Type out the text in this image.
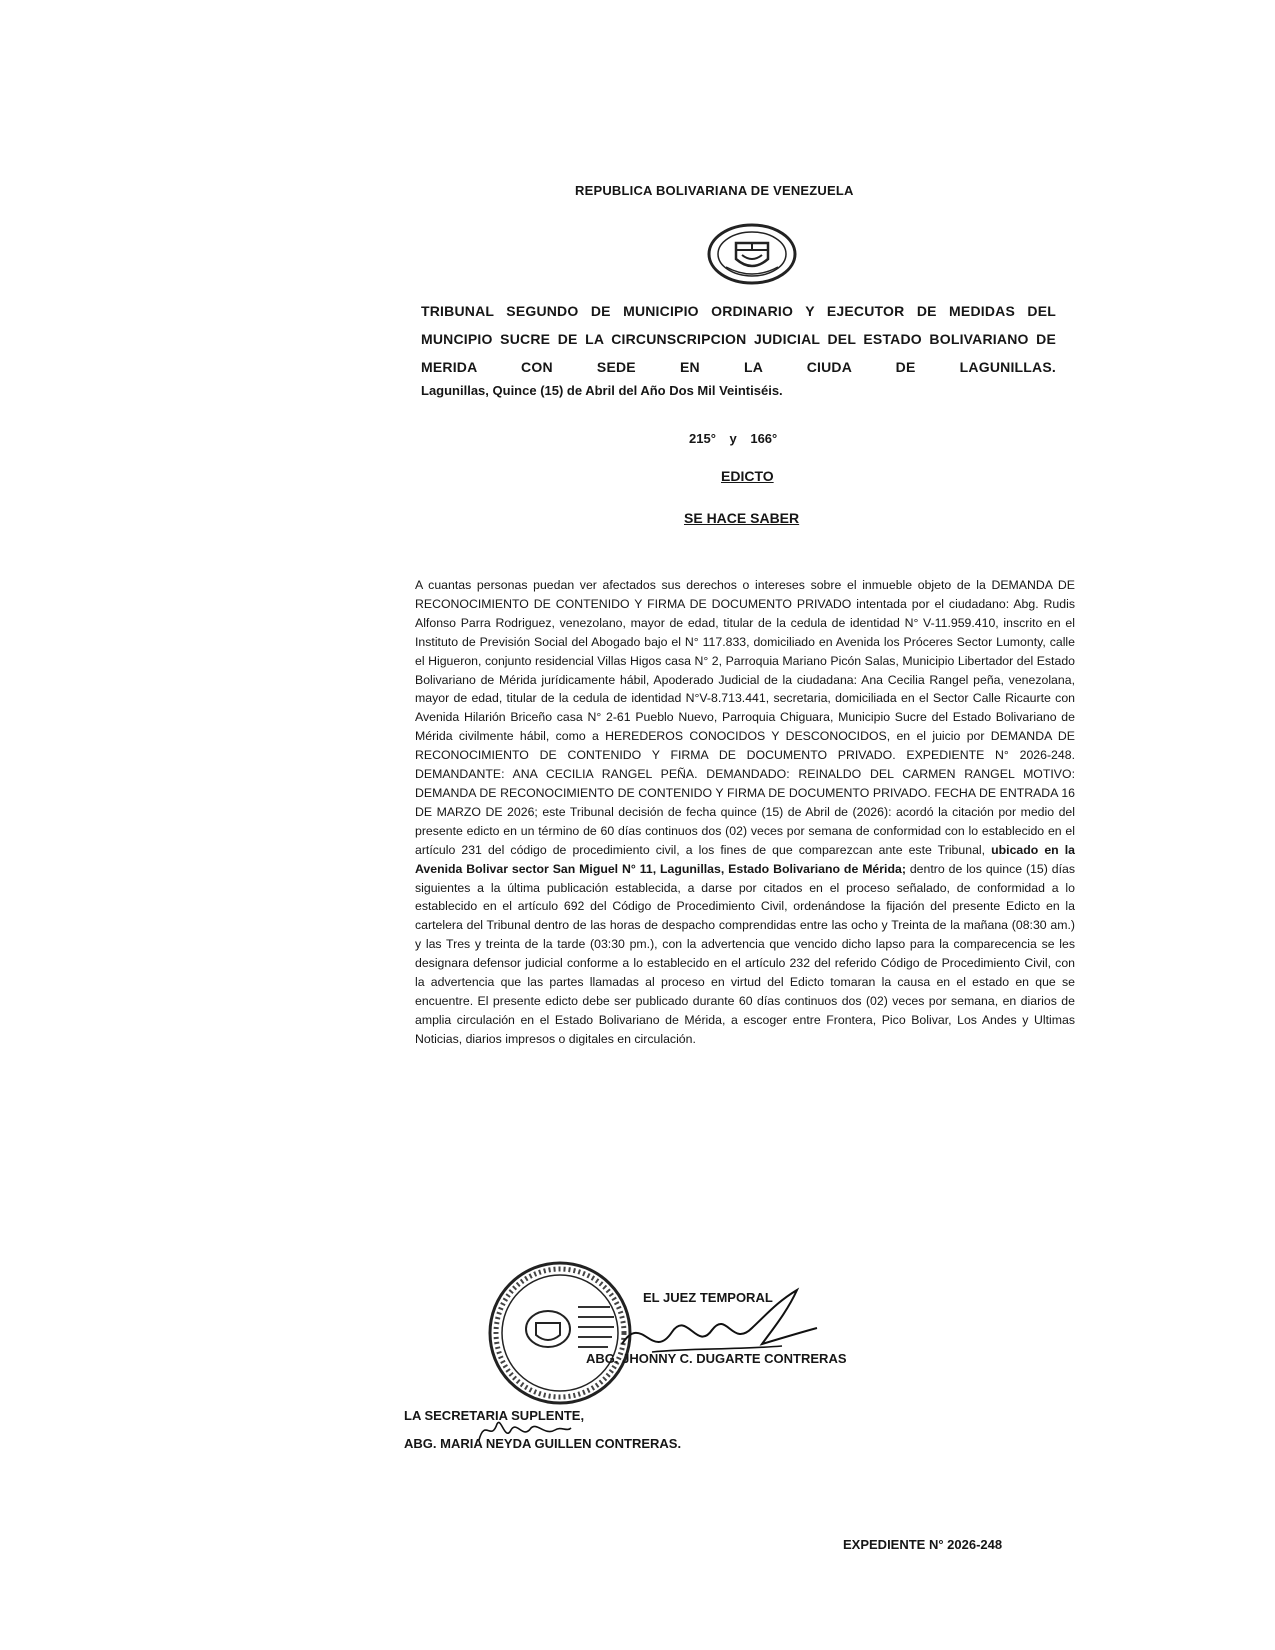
REPUBLICA BOLIVARIANA DE VENEZUELA
TRIBUNAL SEGUNDO DE MUNICIPIO ORDINARIO Y EJECUTOR DE MEDIDAS DEL MUNCIPIO SUCRE DE LA CIRCUNSCRIPCION JUDICIAL DEL ESTADO BOLIVARIANO DE MERIDA CON SEDE EN LA CIUDA DE LAGUNILLAS.
Lagunillas, Quince (15) de Abril del Año Dos Mil Veintiséis.
215° y 166°
EDICTO
SE HACE SABER

A cuantas personas puedan ver afectados sus derechos o intereses sobre el inmueble objeto de la DEMANDA DE RECONOCIMIENTO DE CONTENIDO Y FIRMA DE DOCUMENTO PRIVADO intentada por el ciudadano: Abg. Rudis Alfonso Parra Rodriguez, venezolano, mayor de edad, titular de la cedula de identidad N° V-11.959.410, inscrito en el Instituto de Previsión Social del Abogado bajo el N° 117.833, domiciliado en Avenida los Próceres Sector Lumonty, calle el Higueron, conjunto residencial Villas Higos casa N° 2, Parroquia Mariano Picón Salas, Municipio Libertador del Estado Bolivariano de Mérida jurídicamente hábil, Apoderado Judicial de la ciudadana: Ana Cecilia Rangel peña, venezolana, mayor de edad, titular de la cedula de identidad N°V-8.713.441, secretaria, domiciliada en el Sector Calle Ricaurte con Avenida Hilarión Briceño casa N° 2-61 Pueblo Nuevo, Parroquia Chiguara, Municipio Sucre del Estado Bolivariano de Mérida civilmente hábil, como a HEREDEROS CONOCIDOS Y DESCONOCIDOS, en el juicio por DEMANDA DE RECONOCIMIENTO DE CONTENIDO Y FIRMA DE DOCUMENTO PRIVADO. EXPEDIENTE N° 2026-248. DEMANDANTE: ANA CECILIA RANGEL PEÑA. DEMANDADO: REINALDO DEL CARMEN RANGEL MOTIVO: DEMANDA DE RECONOCIMIENTO DE CONTENIDO Y FIRMA DE DOCUMENTO PRIVADO. FECHA DE ENTRADA 16 DE MARZO DE 2026; este Tribunal decisión de fecha quince (15) de Abril de (2026): acordó la citación por medio del presente edicto en un término de 60 días continuos dos (02) veces por semana de conformidad con lo establecido en el artículo 231 del código de procedimiento civil, a los fines de que comparezcan ante este Tribunal, ubicado en la Avenida Bolivar sector San Miguel N° 11, Lagunillas, Estado Bolivariano de Mérida; dentro de los quince (15) días siguientes a la última publicación establecida, a darse por citados en el proceso señalado, de conformidad a lo establecido en el artículo 692 del Código de Procedimiento Civil, ordenándose la fijación del presente Edicto en la cartelera del Tribunal dentro de las horas de despacho comprendidas entre las ocho y Treinta de la mañana (08:30 am.) y las Tres y treinta de la tarde (03:30 pm.), con la advertencia que vencido dicho lapso para la comparecencia se les designara defensor judicial conforme a lo establecido en el artículo 232 del referido Código de Procedimiento Civil, con la advertencia que las partes llamadas al proceso en virtud del Edicto tomaran la causa en el estado en que se encuentre. El presente edicto debe ser publicado durante 60 días continuos dos (02) veces por semana, en diarios de amplia circulación en el Estado Bolivariano de Mérida, a escoger entre Frontera, Pico Bolivar, Los Andes y Ultimas Noticias, diarios impresos o digitales en circulación.

EL JUEZ TEMPORAL
ABG. JHONNY C. DUGARTE CONTRERAS
LA SECRETARIA SUPLENTE,
ABG. MARIA NEYDA GUILLEN CONTRERAS.
EXPEDIENTE N° 2026-248
